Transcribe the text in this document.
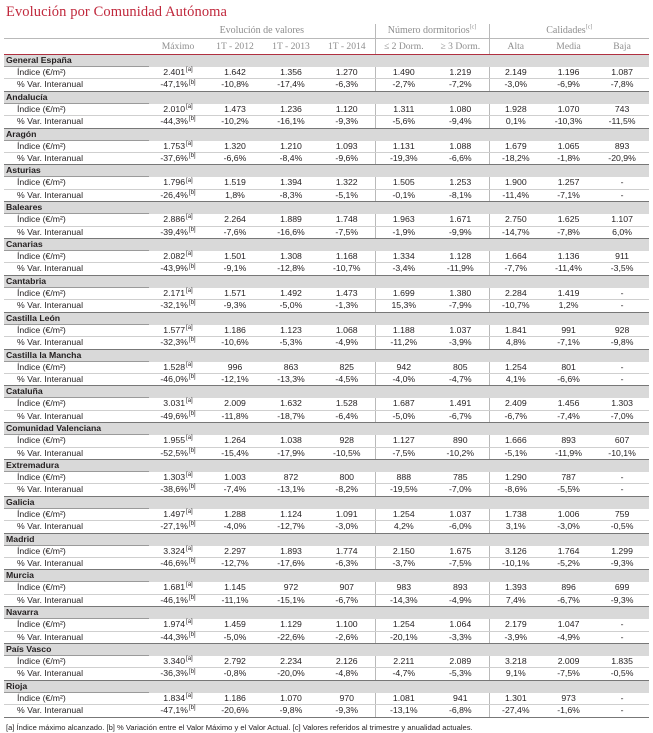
Evolución por Comunidad Autónoma
	Evolución de valores				Número dormitorios[c]		Calidades[c]
	Máximo	1T - 2012	1T - 2013	1T - 2014	≤ 2 Dorm.	≥ 3 Dorm.	Alta	Media	Baja

General España									
Índice (€/m²)	2.401[a]	1.642	1.356	1.270	1.490	1.219	2.149	1.196	1.087
% Var. Interanual	-47,1%[b]	-10,8%	-17,4%	-6,3%	-2,7%	-7,2%	-3,0%	-6,9%	-7,8%
Andalucía									
Índice (€/m²)	2.010[a]	1.473	1.236	1.120	1.311	1.080	1.928	1.070	743
% Var. Interanual	-44,3%[b]	-10,2%	-16,1%	-9,3%	-5,6%	-9,4%	0,1%	-10,3%	-11,5%
Aragón									
Índice (€/m²)	1.753[a]	1.320	1.210	1.093	1.131	1.088	1.679	1.065	893
% Var. Interanual	-37,6%[b]	-6,6%	-8,4%	-9,6%	-19,3%	-6,6%	-18,2%	-1,8%	-20,9%
Asturias									
Índice (€/m²)	1.796[a]	1.519	1.394	1.322	1.505	1.253	1.900	1.257	-
% Var. Interanual	-26,4%[b]	1,8%	-8,3%	-5,1%	-0,1%	-8,1%	-11,4%	-7,1%	-
Baleares									
Índice (€/m²)	2.886[a]	2.264	1.889	1.748	1.963	1.671	2.750	1.625	1.107
% Var. Interanual	-39,4%[b]	-7,6%	-16,6%	-7,5%	-1,9%	-9,9%	-14,7%	-7,8%	6,0%
Canarias									
Índice (€/m²)	2.082[a]	1.501	1.308	1.168	1.334	1.128	1.664	1.136	911
% Var. Interanual	-43,9%[b]	-9,1%	-12,8%	-10,7%	-3,4%	-11,9%	-7,7%	-11,4%	-3,5%
Cantabria									
Índice (€/m²)	2.171[a]	1.571	1.492	1.473	1.699	1.380	2.284	1.419	-
% Var. Interanual	-32,1%[b]	-9,3%	-5,0%	-1,3%	15,3%	-7,9%	-10,7%	1,2%	-
Castilla León									
Índice (€/m²)	1.577[a]	1.186	1.123	1.068	1.188	1.037	1.841	991	928
% Var. Interanual	-32,3%[b]	-10,6%	-5,3%	-4,9%	-11,2%	-3,9%	4,8%	-7,1%	-9,8%
Castilla la Mancha									
Índice (€/m²)	1.528[a]	996	863	825	942	805	1.254	801	-
% Var. Interanual	-46,0%[b]	-12,1%	-13,3%	-4,5%	-4,0%	-4,7%	4,1%	-6,6%	-
Cataluña									
Índice (€/m²)	3.031[a]	2.009	1.632	1.528	1.687	1.491	2.409	1.456	1.303
% Var. Interanual	-49,6%[b]	-11,8%	-18,7%	-6,4%	-5,0%	-6,7%	-6,7%	-7,4%	-7,0%
Comunidad Valenciana									
Índice (€/m²)	1.955[a]	1.264	1.038	928	1.127	890	1.666	893	607
% Var. Interanual	-52,5%[b]	-15,4%	-17,9%	-10,5%	-7,5%	-10,2%	-5,1%	-11,9%	-10,1%
Extremadura									
Índice (€/m²)	1.303[a]	1.003	872	800	888	785	1.290	787	-
% Var. Interanual	-38,6%[b]	-7,4%	-13,1%	-8,2%	-19,5%	-7,0%	-8,6%	-5,5%	-
Galicia									
Índice (€/m²)	1.497[a]	1.288	1.124	1.091	1.254	1.037	1.738	1.006	759
% Var. Interanual	-27,1%[b]	-4,0%	-12,7%	-3,0%	4,2%	-6,0%	3,1%	-3,0%	-0,5%
Madrid									
Índice (€/m²)	3.324[a]	2.297	1.893	1.774	2.150	1.675	3.126	1.764	1.299
% Var. Interanual	-46,6%[b]	-12,7%	-17,6%	-6,3%	-3,7%	-7,5%	-10,1%	-5,2%	-9,3%
Murcia									
Índice (€/m²)	1.681[a]	1.145	972	907	983	893	1.393	896	699
% Var. Interanual	-46,1%[b]	-11,1%	-15,1%	-6,7%	-14,3%	-4,9%	7,4%	-6,7%	-9,3%
Navarra									
Índice (€/m²)	1.974[a]	1.459	1.129	1.100	1.254	1.064	2.179	1.047	-
% Var. Interanual	-44,3%[b]	-5,0%	-22,6%	-2,6%	-20,1%	-3,3%	-3,9%	-4,9%	-
País Vasco									
Índice (€/m²)	3.340[a]	2.792	2.234	2.126	2.211	2.089	3.218	2.009	1.835
% Var. Interanual	-36,3%[b]	-0,8%	-20,0%	-4,8%	-4,7%	-5,3%	9,1%	-7,5%	-0,5%
Rioja									
Índice (€/m²)	1.834[a]	1.186	1.070	970	1.081	941	1.301	973	-
% Var. Interanual	-47,1%[b]	-20,6%	-9,8%	-9,3%	-13,1%	-6,8%	-27,4%	-1,6%	-
[a] Índice máximo alcanzado. [b] % Variación entre el Valor Máximo y el Valor Actual. [c] Valores referidos al trimestre y anualidad actuales.
